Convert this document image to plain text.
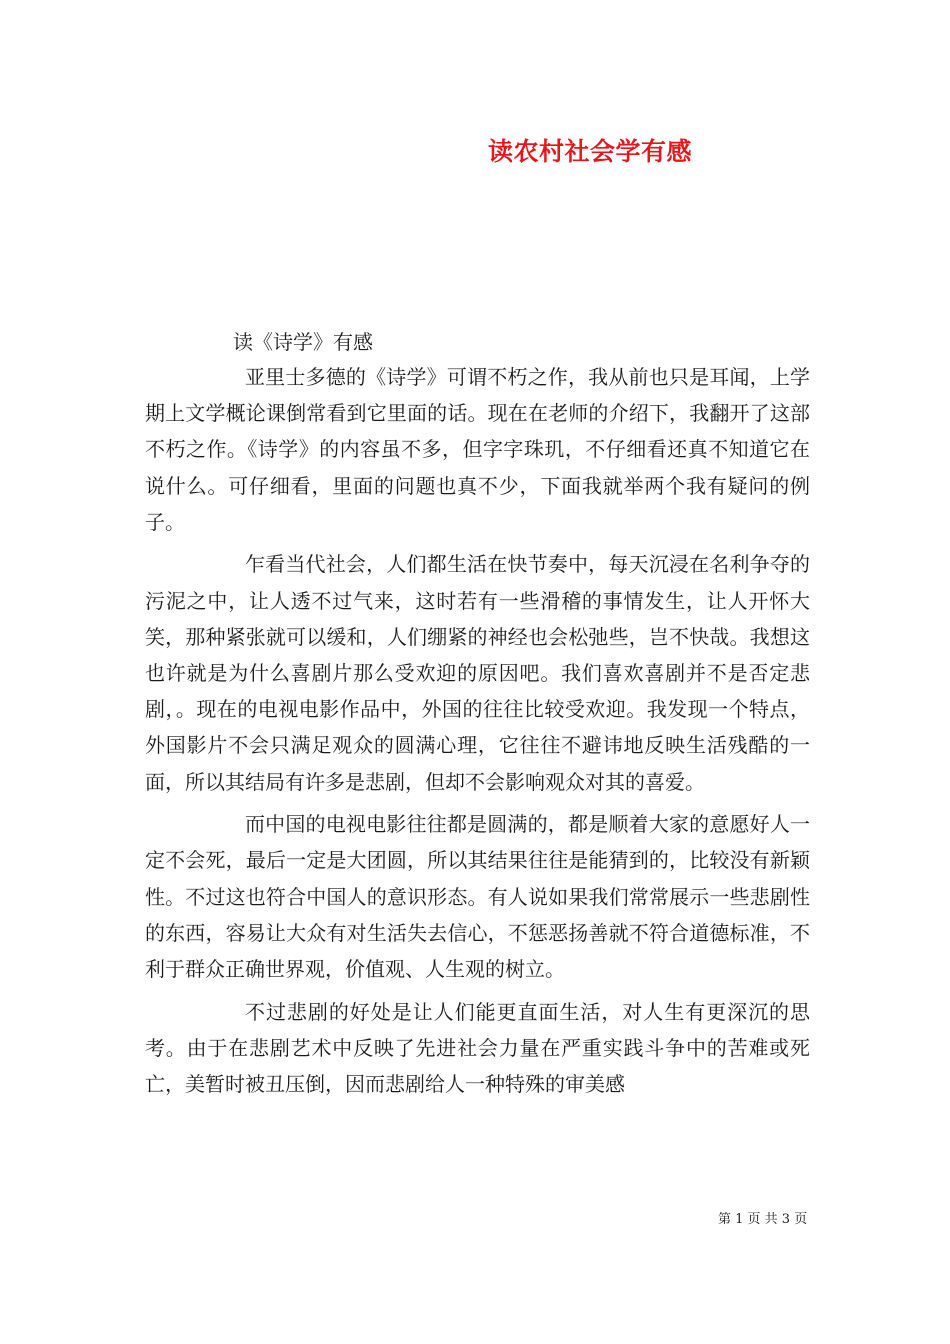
读农村社会学有感
读《诗学》有感

亚里士多德的《诗学》可谓不朽之作，我从前也只是耳闻，上学期上文学概论课倒常看到它里面的话。现在在老师的介绍下，我翻开了这部不朽之作。《诗学》的内容虽不多，但字字珠玑，不仔细看还真不知道它在说什么。可仔细看，里面的问题也真不少，下面我就举两个我有疑问的例子。

乍看当代社会，人们都生活在快节奏中，每天沉浸在名利争夺的污泥之中，让人透不过气来，这时若有一些滑稽的事情发生，让人开怀大笑，那种紧张就可以缓和，人们绷紧的神经也会松弛些，岂不快哉。我想这也许就是为什么喜剧片那么受欢迎的原因吧。我们喜欢喜剧并不是否定悲剧，。现在的电视电影作品中，外国的往往比较受欢迎。我发现一个特点，外国影片不会只满足观众的圆满心理，它往往不避讳地反映生活残酷的一面，所以其结局有许多是悲剧，但却不会影响观众对其的喜爱。

而中国的电视电影往往都是圆满的，都是顺着大家的意愿好人一定不会死，最后一定是大团圆，所以其结果往往是能猜到的，比较没有新颖性。不过这也符合中国人的意识形态。有人说如果我们常常展示一些悲剧性的东西，容易让大众有对生活失去信心，不惩恶扬善就不符合道德标准，不利于群众正确世界观，价值观、人生观的树立。

不过悲剧的好处是让人们能更直面生活，对人生有更深沉的思考。由于在悲剧艺术中反映了先进社会力量在严重实践斗争中的苦难或死亡，美暂时被丑压倒，因而悲剧给人一种特殊的审美感

第 1 页 共 3 页
